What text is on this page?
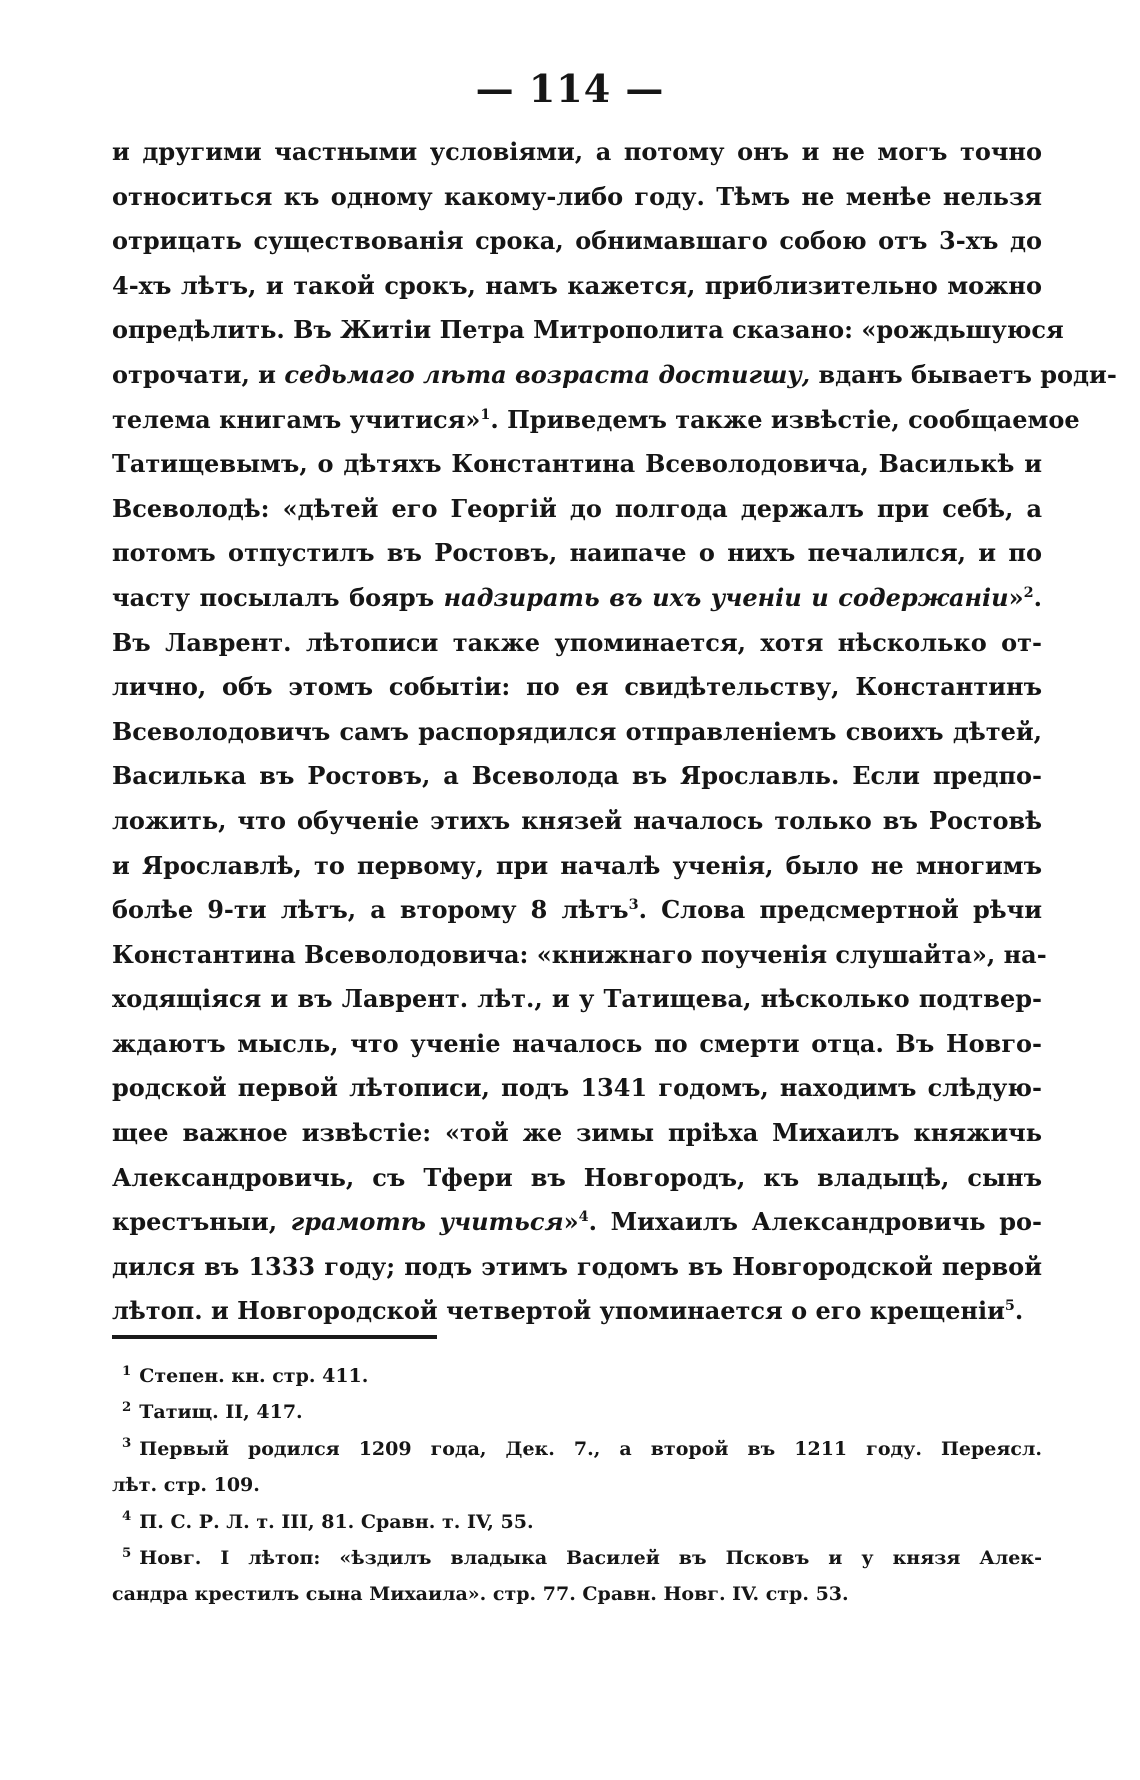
— 114 —
и другими частными условіями, а потому онъ и не могъ точно
относиться къ одному какому-либо году. Тѣмъ не менѣе нельзя
отрицать существованія срока, обнимавшаго собою отъ 3-хъ до
4-хъ лѣтъ, и такой срокъ, намъ кажется, приблизительно можно
опредѣлить. Въ Житіи Петра Митрополита сказано: «рождьшуюся
отрочати, и седьмаго лѣта возраста достигшу, вданъ бываетъ роди-
телема книгамъ учитися»$^1$. Приведемъ также извѣстіе, сообщаемое
Татищевымъ, о дѣтяхъ Константина Всеволодовича, Василькѣ и
Всеволодѣ: «дѣтей его Георгій до полгода держалъ при себѣ, а
потомъ отпустилъ въ Ростовъ, наипаче о нихъ печалился, и по
часту посылалъ бояръ надзирать въ ихъ ученіи и содержаніи»$^2$.
Въ Лаврент. лѣтописи также упоминается, хотя нѣсколько от-
лично, объ этомъ событіи: по ея свидѣтельству, Константинъ
Всеволодовичъ самъ распорядился отправленіемъ своихъ дѣтей,
Василька въ Ростовъ, а Всеволода въ Ярославль. Если предпо-
ложить, что обученіе этихъ князей началось только въ Ростовѣ
и Ярославлѣ, то первому, при началѣ ученія, было не многимъ
болѣе 9-ти лѣтъ, а второму 8 лѣтъ$^3$. Слова предсмертной рѣчи
Константина Всеволодовича: «книжнаго поученія слушайта», на-
ходящіяся и въ Лаврент. лѣт., и у Татищева, нѣсколько подтвер-
ждаютъ мысль, что ученіе началось по смерти отца. Въ Новго-
родской первой лѣтописи, подъ 1341 годомъ, находимъ слѣдую-
щее важное извѣстіе: «той же зимы пріѣха Михаилъ княжичь
Александровичь, съ Тфери въ Новгородъ, къ владыцѣ, сынъ
крестъныи, грамотѣ учиться»$^4$. Михаилъ Александровичь ро-
дился въ 1333 году; подъ этимъ годомъ въ Новгородской первой
лѣтоп. и Новгородской четвертой упоминается о его крещеніи$^5$.
$^1$ Степен. кн. стр. 411.
$^2$ Татищ. II, 417.
$^3$ Первый родился 1209 года, Дек. 7., а второй въ 1211 году. Переясл.
лѣт. стр. 109.
$^4$ П. С. Р. Л. т. III, 81. Сравн. т. IV, 55.
$^5$ Новг. I лѣтоп: «ѣздилъ владыка Василей въ Псковъ и у князя Алек-
сандра крестилъ сына Михаила». стр. 77. Сравн. Новг. IV. стр. 53.
